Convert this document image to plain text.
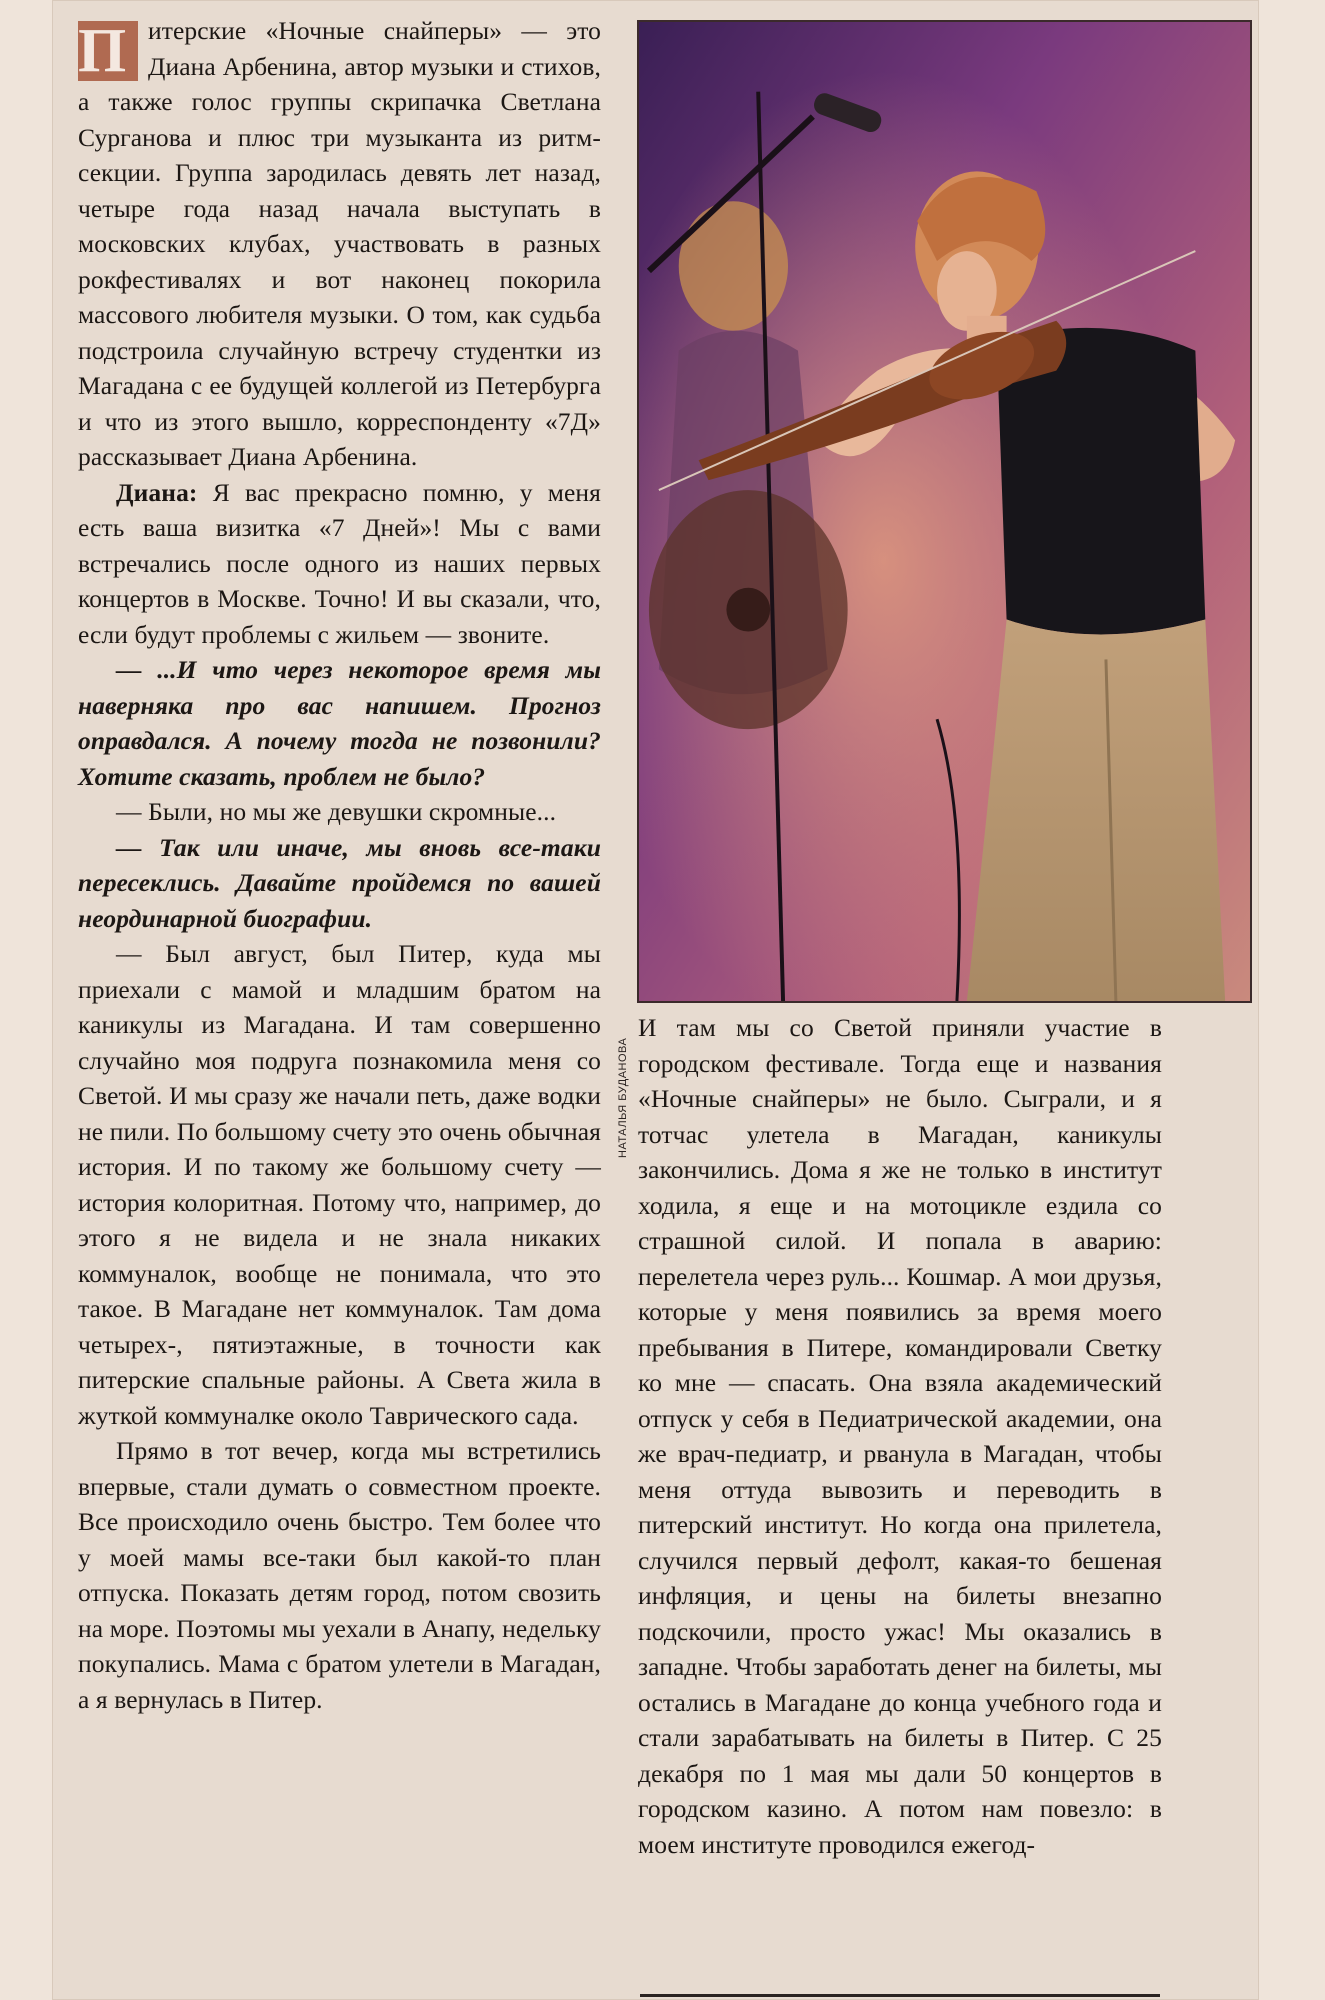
П итерские «Ночные снайперы» — это Диана Арбенина, автор музыки и стихов, а также голос группы скрипачка Светлана Сурганова и плюс три музыканта из ритм-секции. Группа зародилась девять лет назад, четыре года назад начала выступать в московских клубах, участвовать в разных рокфестивалях и вот наконец покорила массового любителя музыки. О том, как судьба подстроила случайную встречу студентки из Магадана с ее будущей коллегой из Петербурга и что из этого вышло, корреспонденту «7Д» рассказывает Диана Арбенина.

Диана: Я вас прекрасно помню, у меня есть ваша визитка «7 Дней»! Мы с вами встречались после одного из наших первых концертов в Москве. Точно! И вы сказали, что, если будут проблемы с жильем — звоните.

— ...И что через некоторое время мы наверняка про вас напишем. Прогноз оправдался. А почему тогда не позвонили? Хотите сказать, проблем не было?

— Были, но мы же девушки скромные...

— Так или иначе, мы вновь все-таки пересеклись. Давайте пройдемся по вашей неординарной биографии.

— Был август, был Питер, куда мы приехали с мамой и младшим братом на каникулы из Магадана. И там совершенно случайно моя подруга познакомила меня со Светой. И мы сразу же начали петь, даже водки не пили. По большому счету это очень обычная история. И по такому же большому счету — история колоритная. Потому что, например, до этого я не видела и не знала никаких коммуналок, вообще не понимала, что это такое. В Магадане нет коммуналок. Там дома четырех-, пятиэтажные, в точности как питерские спальные районы. А Света жила в жуткой коммуналке около Таврического сада.

Прямо в тот вечер, когда мы встретились впервые, стали думать о совместном проекте. Все происходило очень быстро. Тем более что у моей мамы все-таки был какой-то план отпуска. Показать детям город, потом свозить на море. Поэтомы мы уехали в Анапу, недельку покупались. Мама с братом улетели в Магадан, а я вернулась в Питер.

НАТАЛЬЯ БУДАНОВА

И там мы со Светой приняли участие в городском фестивале. Тогда еще и названия «Ночные снайперы» не было. Сыграли, и я тотчас улетела в Магадан, каникулы закончились. Дома я же не только в институт ходила, я еще и на мотоцикле ездила со страшной силой. И попала в аварию: перелетела через руль... Кошмар. А мои друзья, которые у меня появились за время моего пребывания в Питере, командировали Светку ко мне — спасать. Она взяла академический отпуск у себя в Педиатрической академии, она же врач-педиатр, и рванула в Магадан, чтобы меня оттуда вывозить и переводить в питерский институт. Но когда она прилетела, случился первый дефолт, какая-то бешеная инфляция, и цены на билеты внезапно подскочили, просто ужас! Мы оказались в западне. Чтобы заработать денег на билеты, мы остались в Магадане до конца учебного года и стали зарабатывать на билеты в Питер. С 25 декабря по 1 мая мы дали 50 концертов в городском казино. А потом нам повезло: в моем институте проводился ежегод-
